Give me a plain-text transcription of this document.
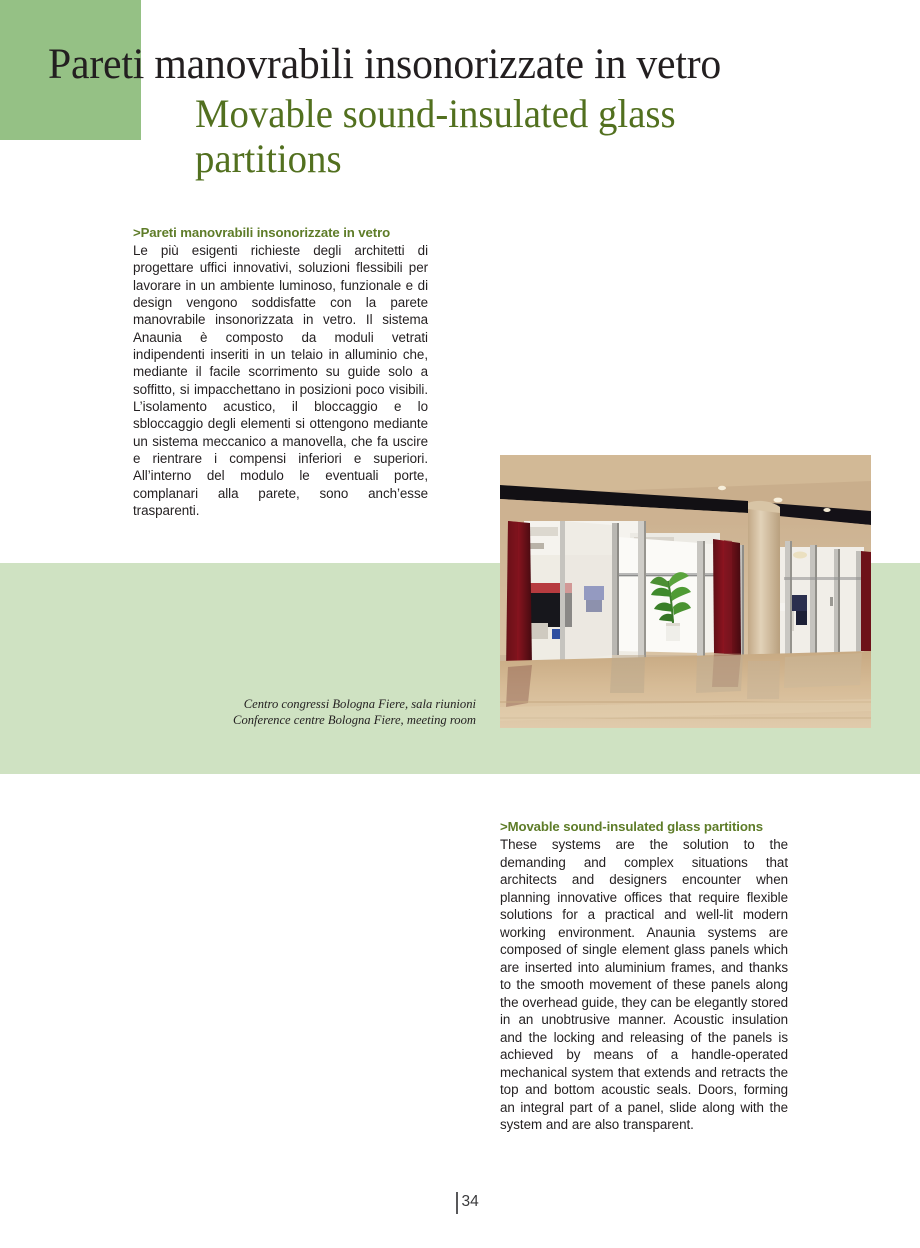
Pareti manovrabili insonorizzate in vetro
Movable sound-insulated glass partitions

>Pareti manovrabili insonorizzate in vetro

Le più esigenti richieste degli architetti di progettare uffici innovativi, soluzioni flessibili per lavorare in un ambiente luminoso, funzionale e di design vengono soddisfatte con la parete manovrabile insonorizzata in vetro. Il sistema Anaunia è composto da moduli vetrati indipendenti inseriti in un telaio in alluminio che, mediante il facile scorrimento su guide solo a soffitto, si impacchettano in posizioni poco visibili. L’isolamento acustico, il bloccaggio e lo sbloccaggio degli elementi si ottengono mediante un sistema meccanico a manovella, che fa uscire e rientrare i compensi inferiori e superiori. All’interno del modulo le eventuali porte, complanari alla parete, sono anch’esse trasparenti.

Centro congressi Bologna Fiere, sala riunioni
Conference centre Bologna Fiere, meeting room

>Movable sound-insulated glass partitions

These systems are the solution to the demanding and complex situations that architects and designers encounter when planning innovative offices that require flexible solutions for a practical and well-lit modern working environment. Anaunia systems are composed of single element glass panels which are inserted into aluminium frames, and thanks to the smooth movement of these panels along the overhead guide, they can be elegantly stored in an unobtrusive manner. Acoustic insulation and the locking and releasing of the panels is achieved by means of a handle-operated mechanical system that extends and retracts the top and bottom acoustic seals. Doors, forming an integral part of a panel, slide along with the system and are also transparent.

34
